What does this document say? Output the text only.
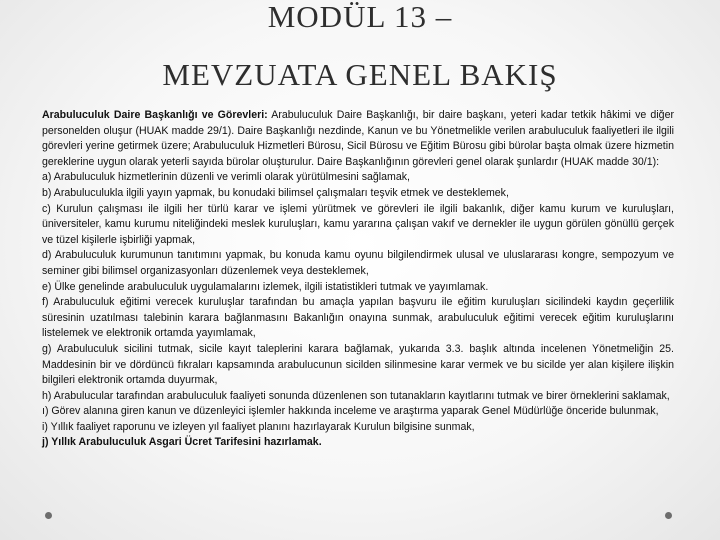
MODÜL 13 –
MEVZUATA GENEL BAKIŞ

Arabuluculuk Daire Başkanlığı ve Görevleri: Arabuluculuk Daire Başkanlığı, bir daire başkanı, yeteri kadar tetkik hâkimi ve diğer personelden oluşur (HUAK madde 29/1). Daire Başkanlığı nezdinde, Kanun ve bu Yönetmelikle verilen arabuluculuk faaliyetleri ile ilgili görevleri yerine getirmek üzere; Arabuluculuk Hizmetleri Bürosu, Sicil Bürosu ve Eğitim Bürosu gibi bürolar başta olmak üzere hizmetin gereklerine uygun olarak yeterli sayıda bürolar oluşturulur. Daire Başkanlığının görevleri genel olarak şunlardır (HUAK madde 30/1):

a) Arabuluculuk hizmetlerinin düzenli ve verimli olarak yürütülmesini sağlamak,

b) Arabuluculukla ilgili yayın yapmak, bu konudaki bilimsel çalışmaları teşvik etmek ve desteklemek,

c) Kurulun çalışması ile ilgili her türlü karar ve işlemi yürütmek ve görevleri ile ilgili bakanlık, diğer kamu kurum ve kuruluşları, üniversiteler, kamu kurumu niteliğindeki meslek kuruluşları, kamu yararına çalışan vakıf ve dernekler ile uygun görülen gönüllü gerçek ve tüzel kişilerle işbirliği yapmak,

d) Arabuluculuk kurumunun tanıtımını yapmak, bu konuda kamu oyunu bilgilendirmek ulusal ve uluslararası kongre, sempozyum ve seminer gibi bilimsel organizasyonları düzenlemek veya desteklemek,

e) Ülke genelinde arabuluculuk uygulamalarını izlemek, ilgili istatistikleri tutmak ve yayımlamak.

f) Arabuluculuk eğitimi verecek kuruluşlar tarafından bu amaçla yapılan başvuru ile eğitim kuruluşları sicilindeki kaydın geçerlilik süresinin uzatılması talebinin karara bağlanmasını Bakanlığın onayına sunmak, arabuluculuk eğitimi verecek eğitim kuruluşlarını listelemek ve elektronik ortamda yayımlamak,

g) Arabuluculuk sicilini tutmak, sicile kayıt taleplerini karara bağlamak, yukarıda 3.3. başlık altında incelenen Yönetmeliğin 25. Maddesinin bir ve dördüncü fıkraları kapsamında arabulucunun sicilden silinmesine karar vermek ve bu sicilde yer alan kişilere ilişkin bilgileri elektronik ortamda duyurmak,

h) Arabulucular tarafından arabuluculuk faaliyeti sonunda düzenlenen son tutanakların kayıtlarını tutmak ve birer örneklerini saklamak,

ı) Görev alanına giren kanun ve düzenleyici işlemler hakkında inceleme ve araştırma yaparak Genel Müdürlüğe önceride bulunmak,

i) Yıllık faaliyet raporunu ve izleyen yıl faaliyet planını hazırlayarak Kurulun bilgisine sunmak,

j) Yıllık Arabuluculuk Asgari Ücret Tarifesini hazırlamak.
